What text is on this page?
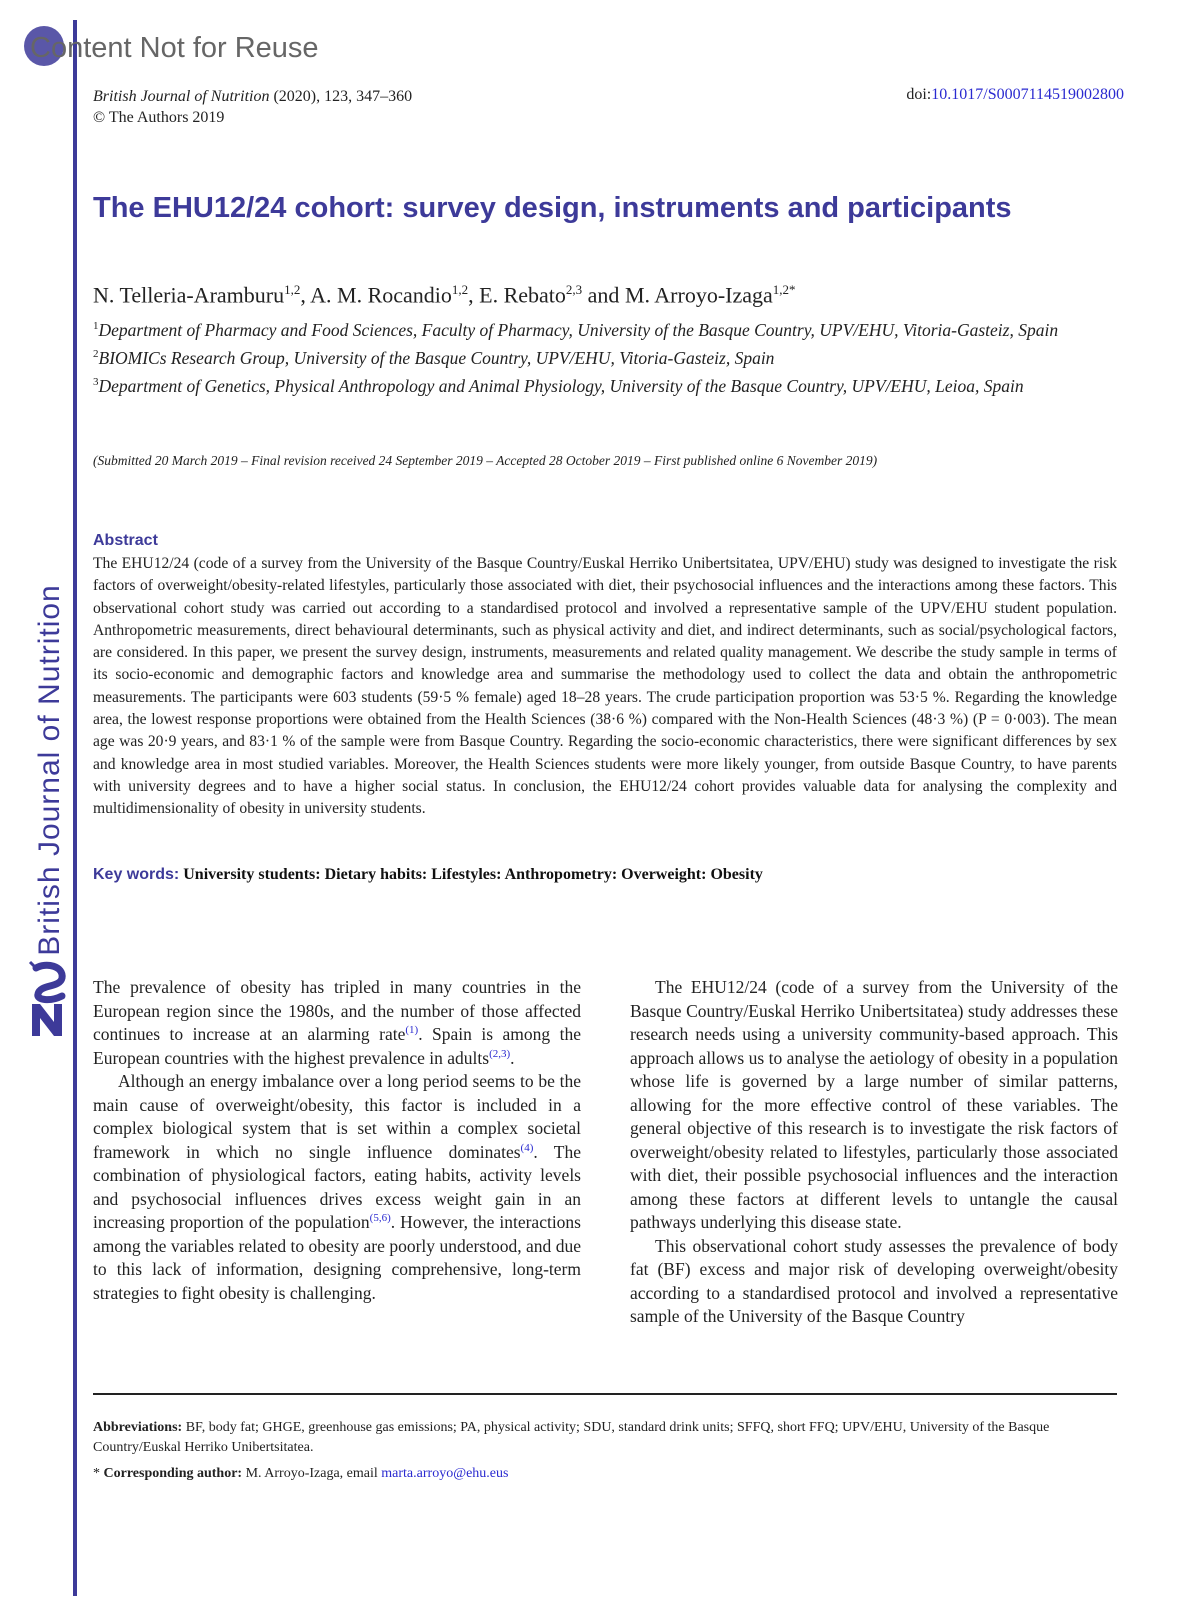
British Journal of Nutrition
Content Not for Reuse
British Journal of Nutrition (2020), 123, 347–360
© The Authors 2019
doi:10.1017/S0007114519002800
The EHU12/24 cohort: survey design, instruments and participants
N. Telleria-Aramburu$^{1,2}$, A. M. Rocandio$^{1,2}$, E. Rebato$^{2,3}$ and M. Arroyo-Izaga$^{1,2*}$
$^1$Department of Pharmacy and Food Sciences, Faculty of Pharmacy, University of the Basque Country, UPV/EHU, Vitoria-Gasteiz, Spain
$^2$BIOMICs Research Group, University of the Basque Country, UPV/EHU, Vitoria-Gasteiz, Spain
$^3$Department of Genetics, Physical Anthropology and Animal Physiology, University of the Basque Country, UPV/EHU, Leioa, Spain
(Submitted 20 March 2019 – Final revision received 24 September 2019 – Accepted 28 October 2019 – First published online 6 November 2019)
Abstract
The EHU12/24 (code of a survey from the University of the Basque Country/Euskal Herriko Unibertsitatea, UPV/EHU) study was designed to investigate the risk factors of overweight/obesity-related lifestyles, particularly those associated with diet, their psychosocial influences and the interactions among these factors. This observational cohort study was carried out according to a standardised protocol and involved a representative sample of the UPV/EHU student population. Anthropometric measurements, direct behavioural determinants, such as physical activity and diet, and indirect determinants, such as social/psychological factors, are considered. In this paper, we present the survey design, instruments, measurements and related quality management. We describe the study sample in terms of its socio-economic and demographic factors and knowledge area and summarise the methodology used to collect the data and obtain the anthropometric measurements. The participants were 603 students (59·5 % female) aged 18–28 years. The crude participation proportion was 53·5 %. Regarding the knowledge area, the lowest response proportions were obtained from the Health Sciences (38·6 %) compared with the Non-Health Sciences (48·3 %) (P = 0·003). The mean age was 20·9 years, and 83·1 % of the sample were from Basque Country. Regarding the socio-economic characteristics, there were significant differences by sex and knowledge area in most studied variables. Moreover, the Health Sciences students were more likely younger, from outside Basque Country, to have parents with university degrees and to have a higher social status. In conclusion, the EHU12/24 cohort provides valuable data for analysing the complexity and multidimensionality of obesity in university students.
Key words: University students: Dietary habits: Lifestyles: Anthropometry: Overweight: Obesity

The prevalence of obesity has tripled in many countries in the European region since the 1980s, and the number of those affected continues to increase at an alarming rate$^{(1)}$. Spain is among the European countries with the highest prevalence in adults$^{(2,3)}$.

Although an energy imbalance over a long period seems to be the main cause of overweight/obesity, this factor is included in a complex biological system that is set within a complex societal framework in which no single influence dominates$^{(4)}$. The combination of physiological factors, eating habits, activity levels and psychosocial influences drives excess weight gain in an increasing proportion of the population$^{(5,6)}$. However, the interactions among the variables related to obesity are poorly understood, and due to this lack of information, designing comprehensive, long-term strategies to fight obesity is challenging.

The EHU12/24 (code of a survey from the University of the Basque Country/Euskal Herriko Unibertsitatea) study addresses these research needs using a university community-based approach. This approach allows us to analyse the aetiology of obesity in a population whose life is governed by a large number of similar patterns, allowing for the more effective control of these variables. The general objective of this research is to investigate the risk factors of overweight/obesity related to lifestyles, particularly those associated with diet, their possible psychosocial influences and the interaction among these factors at different levels to untangle the causal pathways underlying this disease state.

This observational cohort study assesses the prevalence of body fat (BF) excess and major risk of developing overweight/obesity according to a standardised protocol and involved a representative sample of the University of the Basque Country

Abbreviations: BF, body fat; GHGE, greenhouse gas emissions; PA, physical activity; SDU, standard drink units; SFFQ, short FFQ; UPV/EHU, University of the Basque Country/Euskal Herriko Unibertsitatea.
* Corresponding author: M. Arroyo-Izaga, email marta.arroyo@ehu.eus
